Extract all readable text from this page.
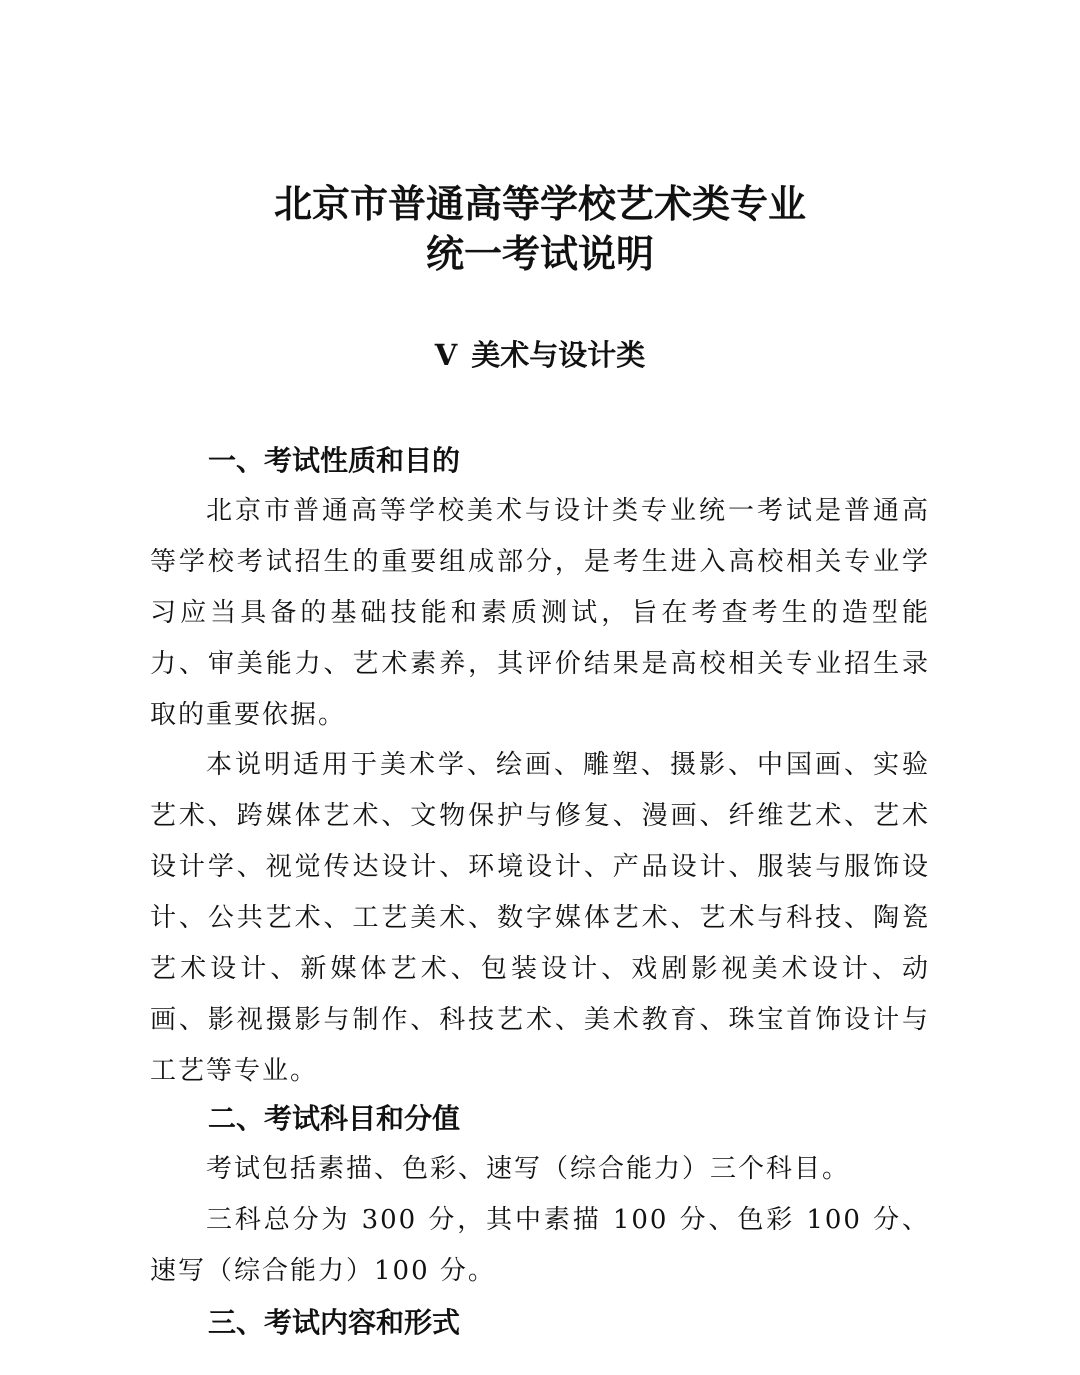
北京市普通高等学校艺术类专业
统一考试说明
V 美术与设计类
一、考试性质和目的

北京市普通高等学校美术与设计类专业统一考试是普通高等学校考试招生的重要组成部分，是考生进入高校相关专业学习应当具备的基础技能和素质测试，旨在考查考生的造型能力、审美能力、艺术素养，其评价结果是高校相关专业招生录取的重要依据。

本说明适用于美术学、绘画、雕塑、摄影、中国画、实验艺术、跨媒体艺术、文物保护与修复、漫画、纤维艺术、艺术设计学、视觉传达设计、环境设计、产品设计、服装与服饰设计、公共艺术、工艺美术、数字媒体艺术、艺术与科技、陶瓷艺术设计、新媒体艺术、包装设计、戏剧影视美术设计、动画、影视摄影与制作、科技艺术、美术教育、珠宝首饰设计与工艺等专业。

二、考试科目和分值

考试包括素描、色彩、速写（综合能力）三个科目。

三科总分为 300 分，其中素描 100 分、色彩 100 分、速写（综合能力）100 分。

三、考试内容和形式
